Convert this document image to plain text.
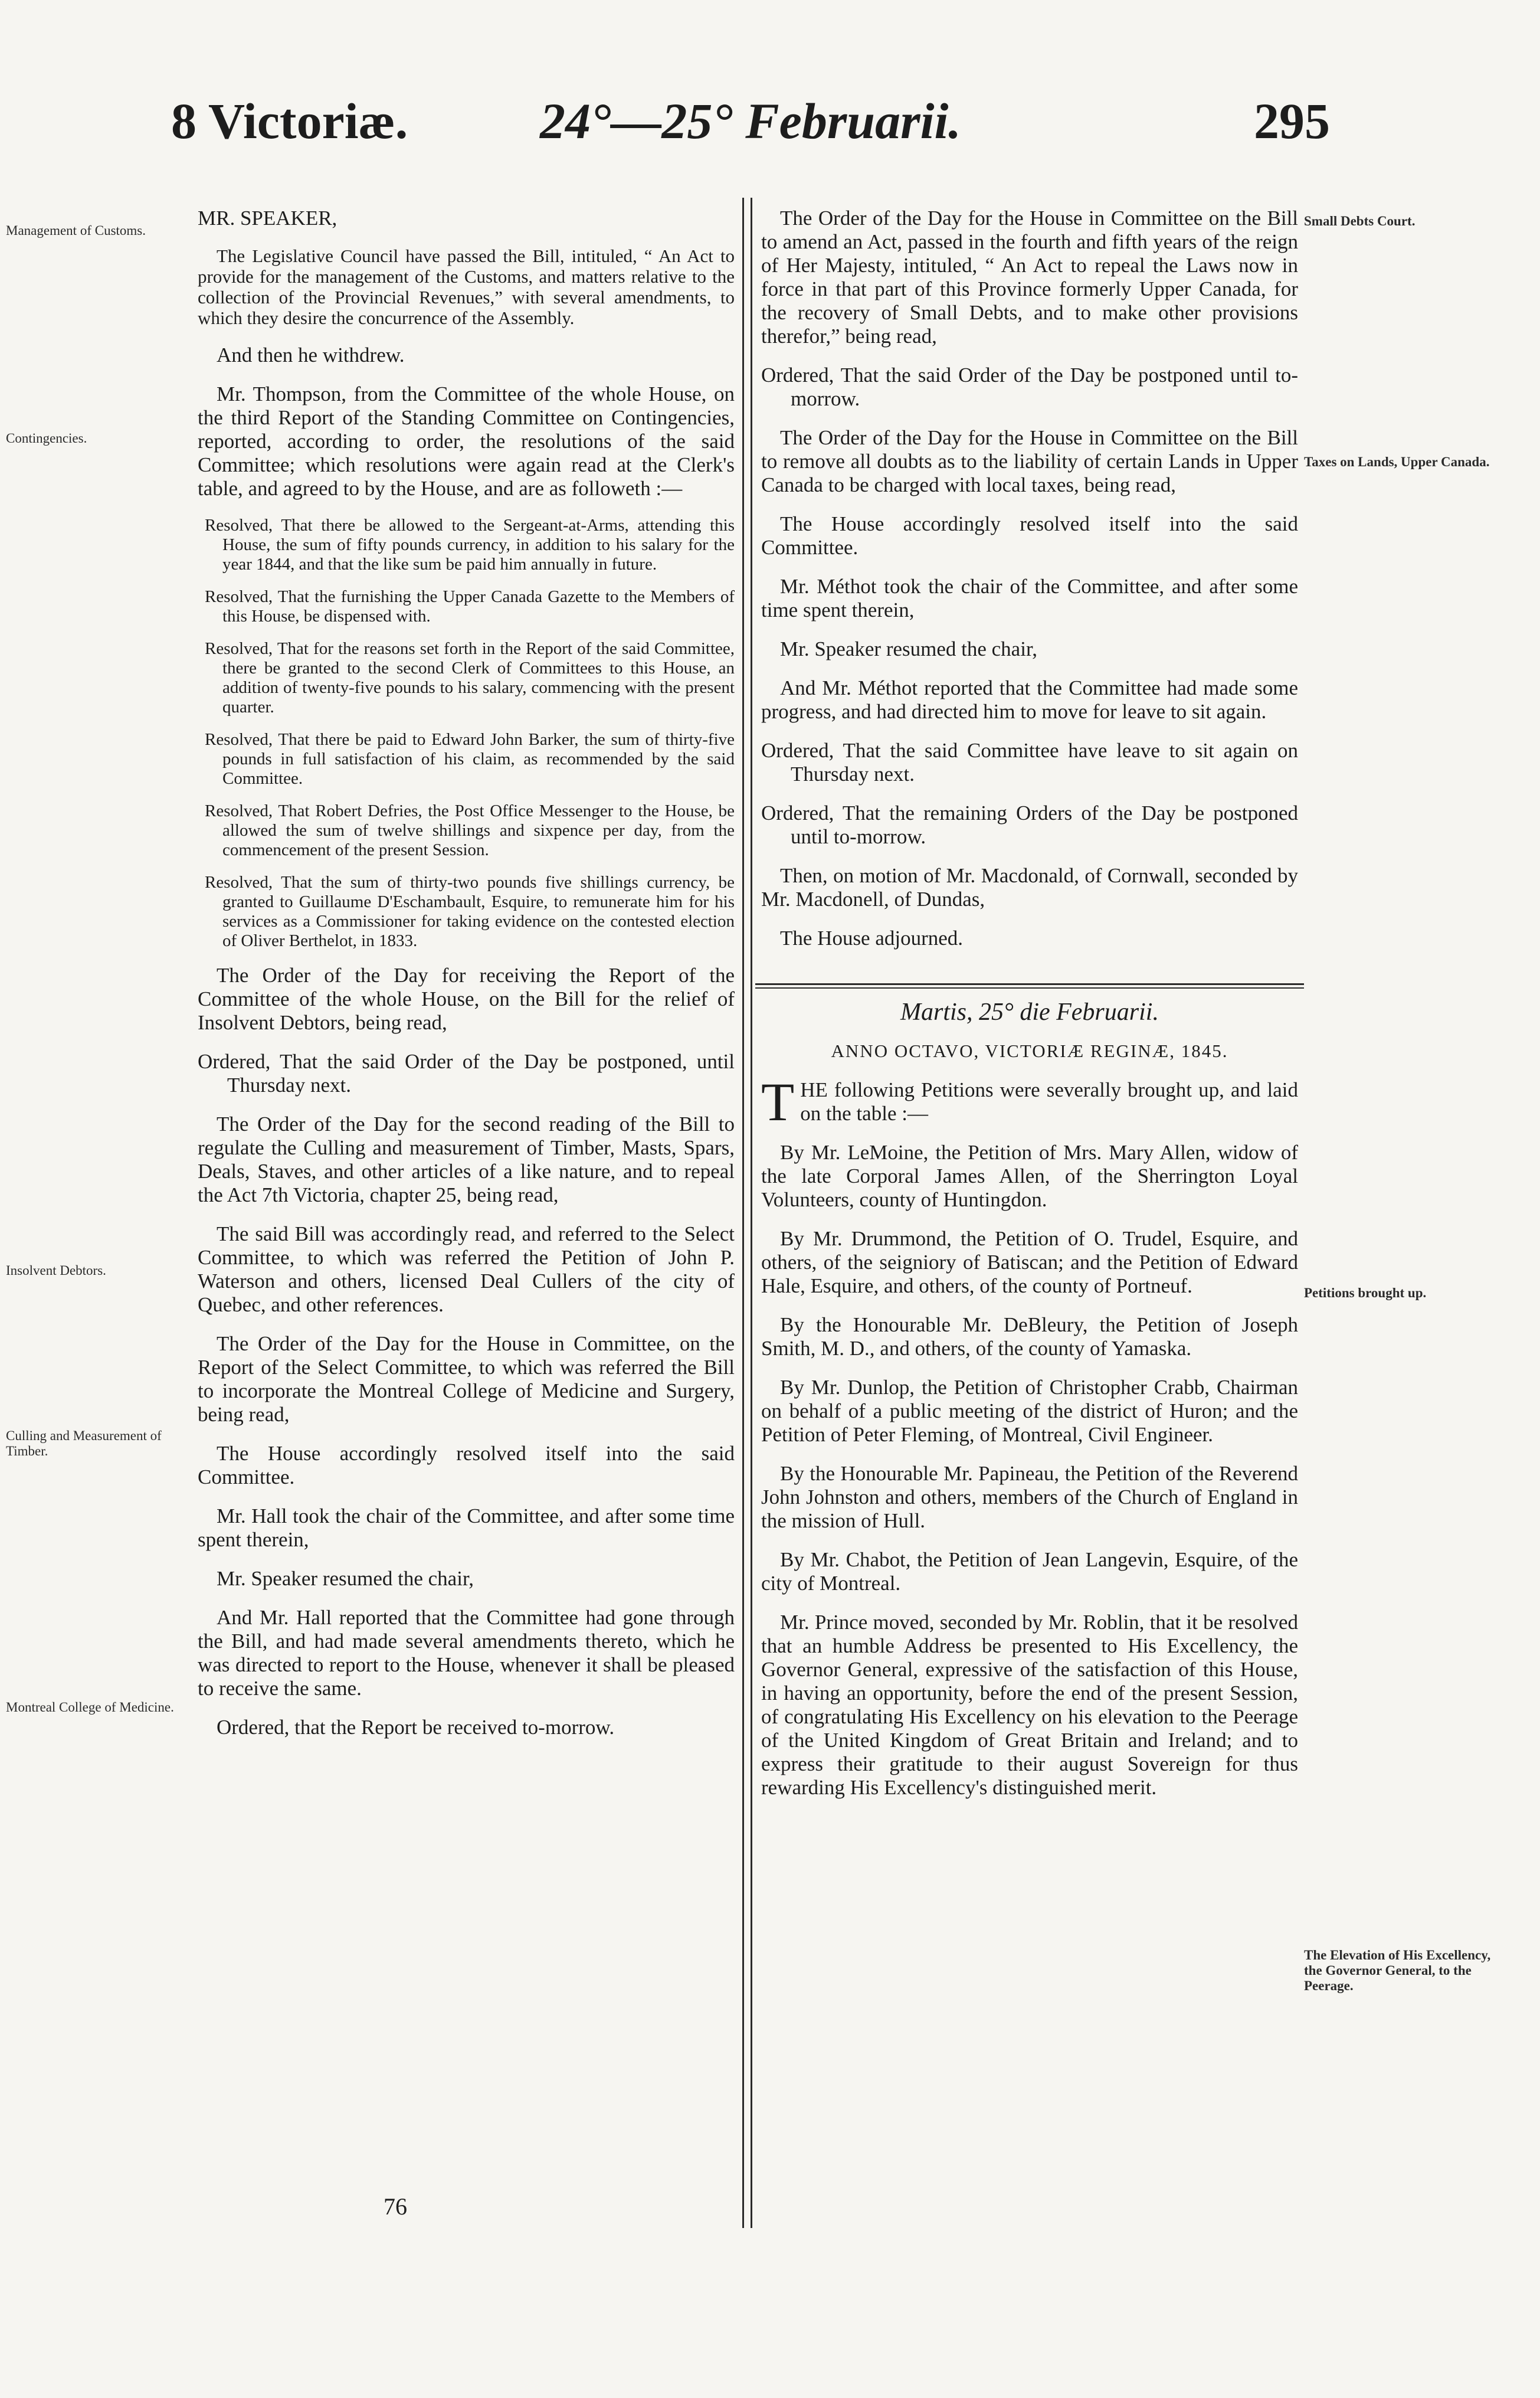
8 Victoriæ.	24°—25° Februarii.	295

MR. SPEAKER,

The Legislative Council have passed the Bill, intituled, “ An Act to provide for the management of the Customs, and matters relative to the collection of the Provincial Revenues,” with several amendments, to which they desire the concurrence of the Assembly.

And then he withdrew.

Mr. Thompson, from the Committee of the whole House, on the third Report of the Standing Committee on Contingencies, reported, according to order, the resolutions of the said Committee; which resolutions were again read at the Clerk's table, and agreed to by the House, and are as followeth :—

Resolved, That there be allowed to the Sergeant-at-Arms, attending this House, the sum of fifty pounds currency, in addition to his salary for the year 1844, and that the like sum be paid him annually in future.

Resolved, That the furnishing the Upper Canada Gazette to the Members of this House, be dispensed with.

Resolved, That for the reasons set forth in the Report of the said Committee, there be granted to the second Clerk of Committees to this House, an addition of twenty-five pounds to his salary, commencing with the present quarter.

Resolved, That there be paid to Edward John Barker, the sum of thirty-five pounds in full satisfaction of his claim, as recommended by the said Committee.

Resolved, That Robert Defries, the Post Office Messenger to the House, be allowed the sum of twelve shillings and sixpence per day, from the commencement of the present Session.

Resolved, That the sum of thirty-two pounds five shillings currency, be granted to Guillaume D'Eschambault, Esquire, to remunerate him for his services as a Commissioner for taking evidence on the contested election of Oliver Berthelot, in 1833.

The Order of the Day for receiving the Report of the Committee of the whole House, on the Bill for the relief of Insolvent Debtors, being read,

Ordered, That the said Order of the Day be postponed, until Thursday next.

The Order of the Day for the second reading of the Bill to regulate the Culling and measurement of Timber, Masts, Spars, Deals, Staves, and other articles of a like nature, and to repeal the Act 7th Victoria, chapter 25, being read,

The said Bill was accordingly read, and referred to the Select Committee, to which was referred the Petition of John P. Waterson and others, licensed Deal Cullers of the city of Quebec, and other references.

The Order of the Day for the House in Committee, on the Report of the Select Committee, to which was referred the Bill to incorporate the Montreal College of Medicine and Surgery, being read,

The House accordingly resolved itself into the said Committee.

Mr. Hall took the chair of the Committee, and after some time spent therein,

Mr. Speaker resumed the chair,

And Mr. Hall reported that the Committee had gone through the Bill, and had made several amendments thereto, which he was directed to report to the House, whenever it shall be pleased to receive the same.

Ordered, that the Report be received to-morrow.

The Order of the Day for the House in Committee on the Bill to amend an Act, passed in the fourth and fifth years of the reign of Her Majesty, intituled, “ An Act to repeal the Laws now in force in that part of this Province formerly Upper Canada, for the recovery of Small Debts, and to make other provisions therefor,” being read,

Ordered, That the said Order of the Day be postponed until to-morrow.

The Order of the Day for the House in Committee on the Bill to remove all doubts as to the liability of certain Lands in Upper Canada to be charged with local taxes, being read,

The House accordingly resolved itself into the said Committee.

Mr. Méthot took the chair of the Committee, and after some time spent therein,

Mr. Speaker resumed the chair,

And Mr. Méthot reported that the Committee had made some progress, and had directed him to move for leave to sit again.

Ordered, That the said Committee have leave to sit again on Thursday next.

Ordered, That the remaining Orders of the Day be postponed until to-morrow.

Then, on motion of Mr. Macdonald, of Cornwall, seconded by Mr. Macdonell, of Dundas,

The House adjourned.

Martis, 25° die Februarii.

ANNO OCTAVO, VICTORIÆ REGINÆ, 1845.

THE following Petitions were severally brought up, and laid on the table :—

By Mr. LeMoine, the Petition of Mrs. Mary Allen, widow of the late Corporal James Allen, of the Sherrington Loyal Volunteers, county of Huntingdon.

By Mr. Drummond, the Petition of O. Trudel, Esquire, and others, of the seigniory of Batiscan; and the Petition of Edward Hale, Esquire, and others, of the county of Portneuf.

By the Honourable Mr. DeBleury, the Petition of Joseph Smith, M. D., and others, of the county of Yamaska.

By Mr. Dunlop, the Petition of Christopher Crabb, Chairman on behalf of a public meeting of the district of Huron; and the Petition of Peter Fleming, of Montreal, Civil Engineer.

By the Honourable Mr. Papineau, the Petition of the Reverend John Johnston and others, members of the Church of England in the mission of Hull.

By Mr. Chabot, the Petition of Jean Langevin, Esquire, of the city of Montreal.

Mr. Prince moved, seconded by Mr. Roblin, that it be resolved that an humble Address be presented to His Excellency, the Governor General, expressive of the satisfaction of this House, in having an opportunity, before the end of the present Session, of congratulating His Excellency on his elevation to the Peerage of the United Kingdom of Great Britain and Ireland; and to express their gratitude to their august Sovereign for thus rewarding His Excellency's distinguished merit.

Management of Customs.
Contingencies.
Insolvent Debtors.
Culling and Measurement of Timber.
Montreal College of Medicine.
Small Debts Court.
Taxes on Lands, Upper Canada.
Petitions brought up.
The Elevation of His Excellency, the Governor General, to the Peerage.
76
